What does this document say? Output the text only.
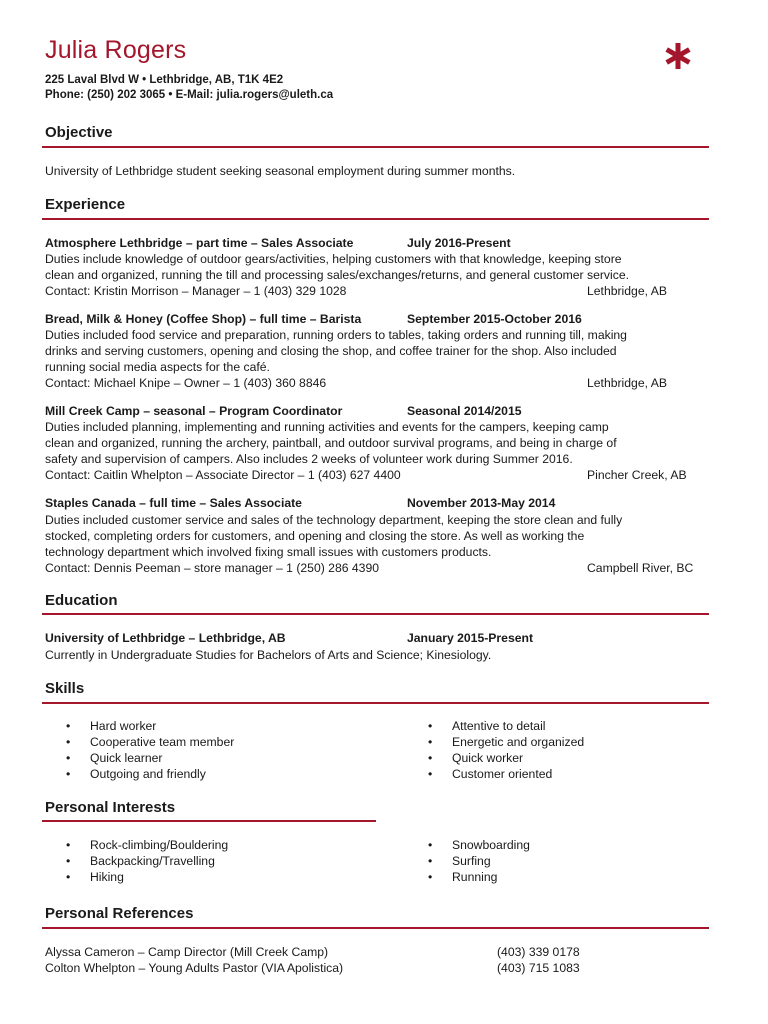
Julia Rogers
225 Laval Blvd W • Lethbridge, AB, T1K 4E2
Phone: (250) 202 3065 • E-Mail: julia.rogers@uleth.ca
Objective
University of Lethbridge student seeking seasonal employment during summer months.
Experience
Atmosphere Lethbridge – part time – Sales Associate	July 2016-Present
Duties include knowledge of outdoor gears/activities, helping customers with that knowledge, keeping store
clean and organized, running the till and processing sales/exchanges/returns, and general customer service.
Contact: Kristin Morrison – Manager – 1 (403) 329 1028	Lethbridge, AB
Bread, Milk & Honey (Coffee Shop) – full time – Barista	September 2015-October 2016
Duties included food service and preparation, running orders to tables, taking orders and running till, making
drinks and serving customers, opening and closing the shop, and coffee trainer for the shop. Also included
running social media aspects for the café.
Contact: Michael Knipe – Owner – 1 (403) 360 8846	Lethbridge, AB
Mill Creek Camp – seasonal – Program Coordinator	Seasonal 2014/2015
Duties included planning, implementing and running activities and events for the campers, keeping camp
clean and organized, running the archery, paintball, and outdoor survival programs, and being in charge of
safety and supervision of campers. Also includes 2 weeks of volunteer work during Summer 2016.
Contact: Caitlin Whelpton – Associate Director – 1 (403) 627 4400	Pincher Creek, AB
Staples Canada – full time – Sales Associate	November 2013-May 2014
Duties included customer service and sales of the technology department, keeping the store clean and fully
stocked, completing orders for customers, and opening and closing the store. As well as working the
technology department which involved fixing small issues with customers products.
Contact: Dennis Peeman – store manager – 1 (250) 286 4390	Campbell River, BC
Education
University of Lethbridge – Lethbridge, AB	January 2015-Present
Currently in Undergraduate Studies for Bachelors of Arts and Science; Kinesiology.
Skills
• Hard worker
• Cooperative team member
• Quick learner
• Outgoing and friendly
• Attentive to detail
• Energetic and organized
• Quick worker
• Customer oriented
Personal Interests
• Rock-climbing/Bouldering
• Backpacking/Travelling
• Hiking
• Snowboarding
• Surfing
• Running
Personal References
Alyssa Cameron – Camp Director (Mill Creek Camp)	(403) 339 0178
Colton Whelpton – Young Adults Pastor (VIA Apolistica)	(403) 715 1083
